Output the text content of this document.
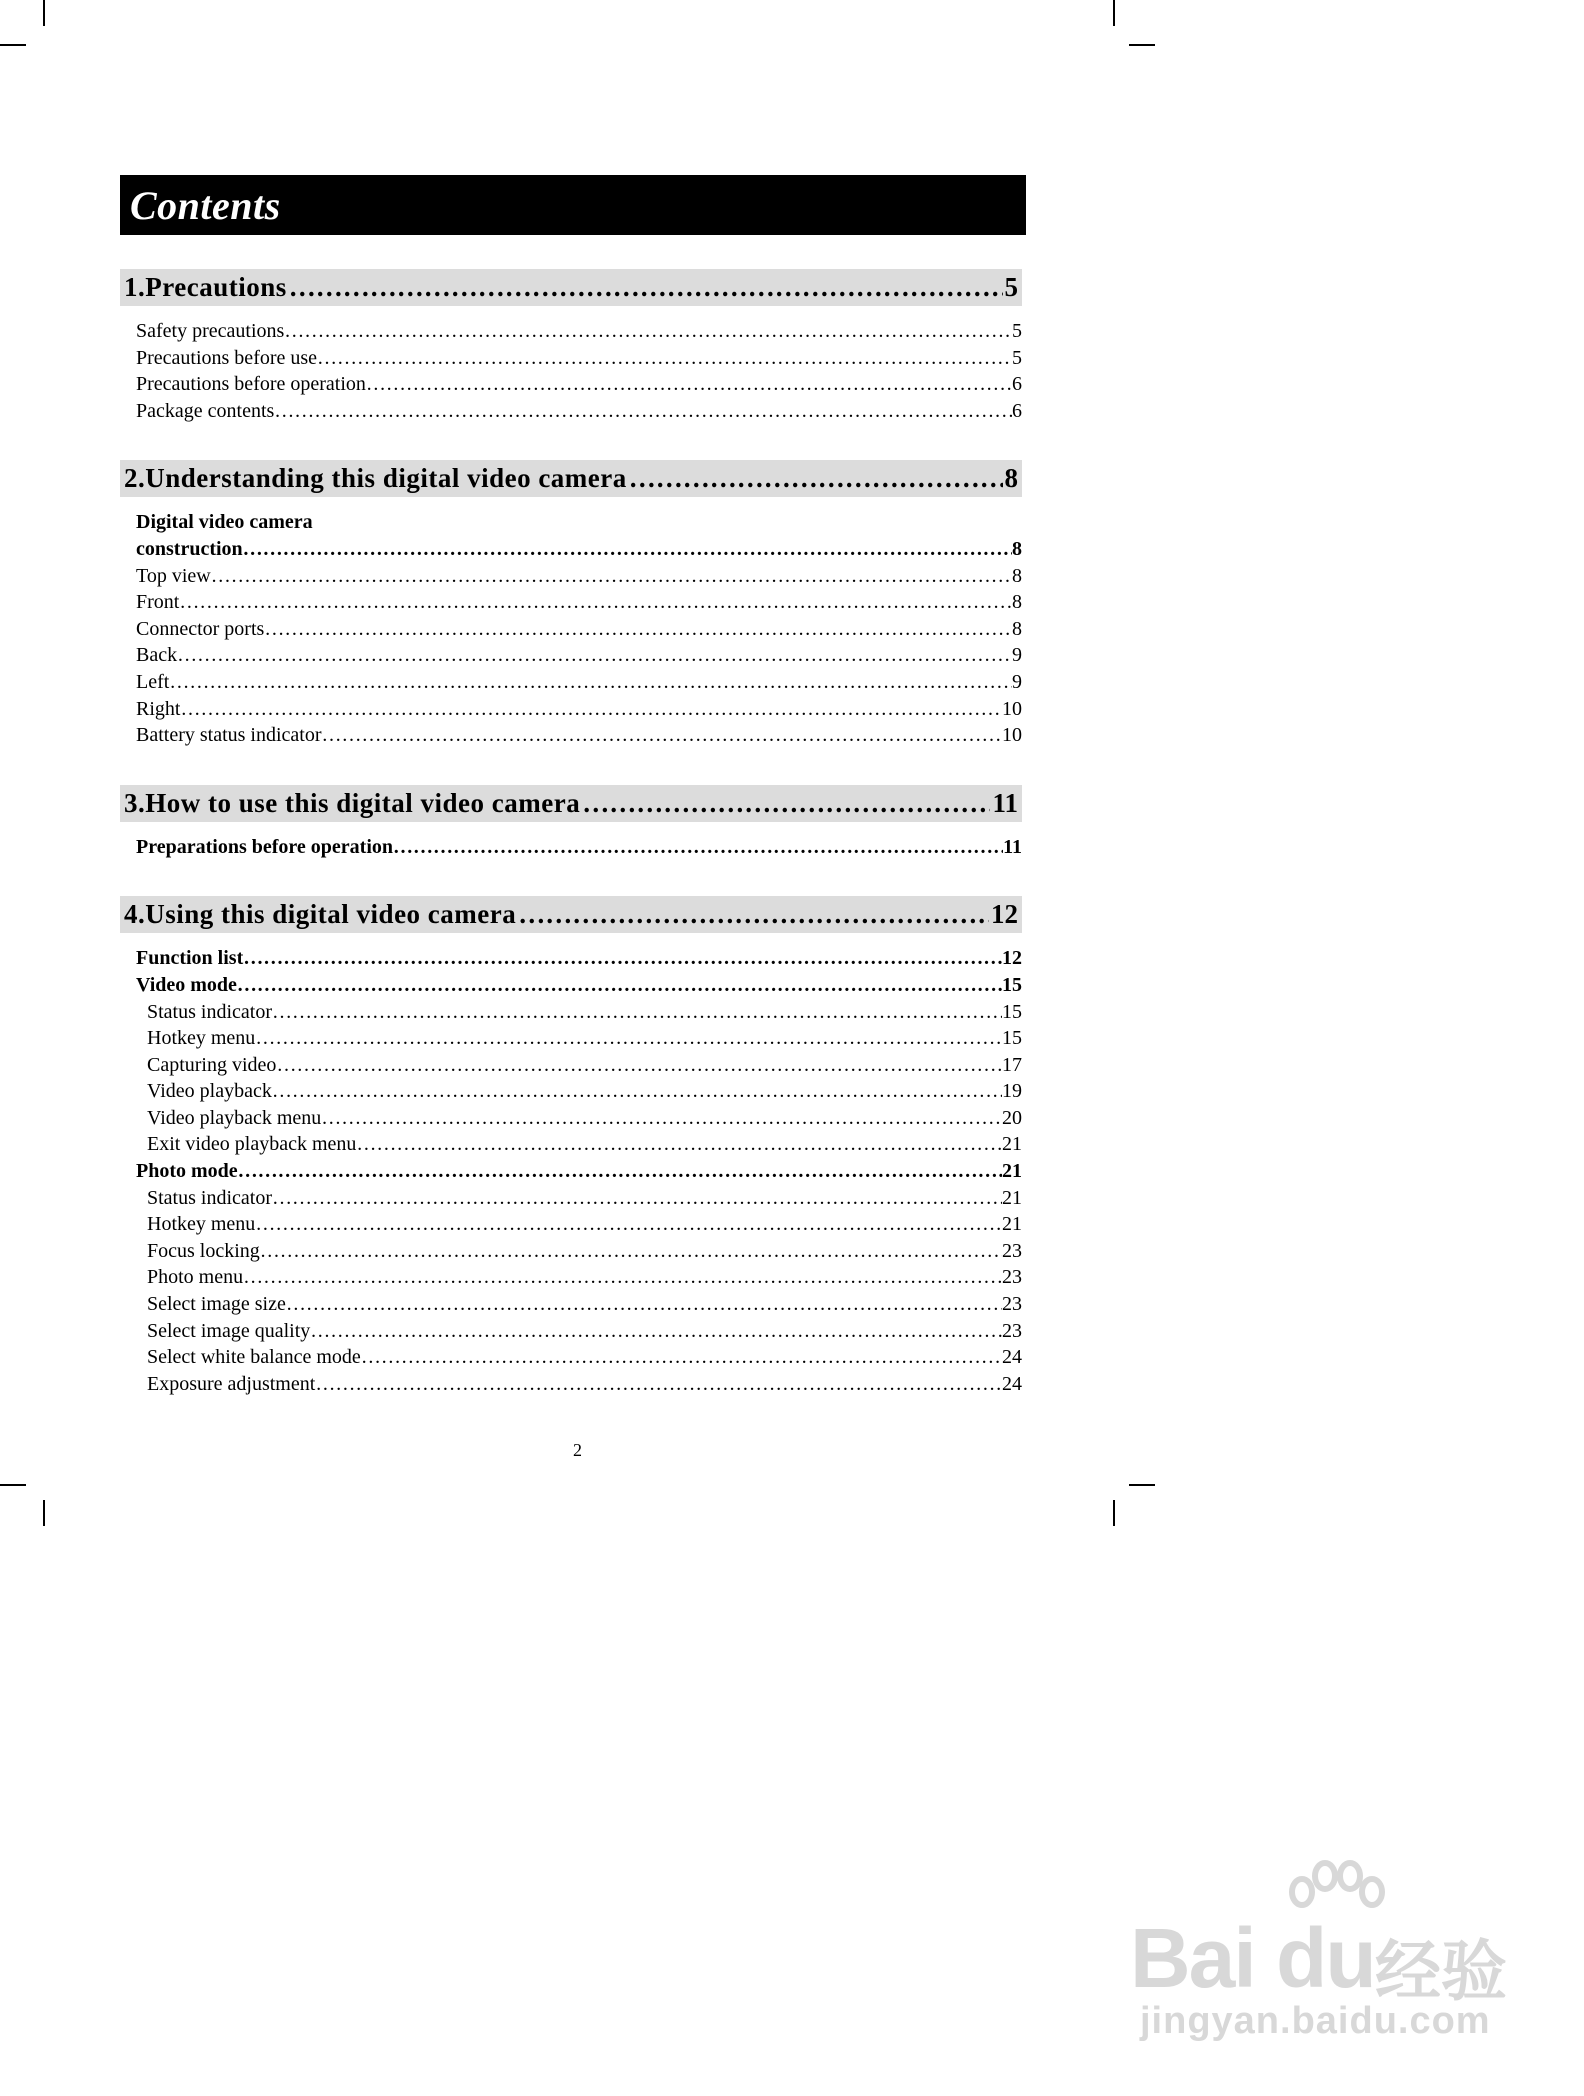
Contents
1.Precautions …………………………………………………………………………………………………………………………	5
Safety precautions ……………………………………………………………………………………………………………………………………………………………………	5
Precautions before use ……………………………………………………………………………………………………………………………………………………………………	5
Precautions before operation ……………………………………………………………………………………………………………………………………………………………………	6
Package contents ……………………………………………………………………………………………………………………………………………………………………	6
2.Understanding this digital video camera …………………………………………………………………………………………………………………………	8
Digital video camera
construction ……………………………………………………………………………………………………………………………………………………………………	8
Top view ……………………………………………………………………………………………………………………………………………………………………	8
Front ……………………………………………………………………………………………………………………………………………………………………	8
Connector ports ……………………………………………………………………………………………………………………………………………………………………	8
Back ……………………………………………………………………………………………………………………………………………………………………	9
Left ……………………………………………………………………………………………………………………………………………………………………	9
Right ……………………………………………………………………………………………………………………………………………………………………	10
Battery status indicator ……………………………………………………………………………………………………………………………………………………………………	10
3.How to use this digital video camera …………………………………………………………………………………………………………………………	11
Preparations before operation ……………………………………………………………………………………………………………………………………………………………………	11
4.Using this digital video camera …………………………………………………………………………………………………………………………	12
Function list ……………………………………………………………………………………………………………………………………………………………………	12
Video mode ……………………………………………………………………………………………………………………………………………………………………	15
Status indicator ……………………………………………………………………………………………………………………………………………………………………	15
Hotkey menu ……………………………………………………………………………………………………………………………………………………………………	15
Capturing video ……………………………………………………………………………………………………………………………………………………………………	17
Video playback ……………………………………………………………………………………………………………………………………………………………………	19
Video playback menu ……………………………………………………………………………………………………………………………………………………………………	20
Exit video playback menu ……………………………………………………………………………………………………………………………………………………………………	21
Photo mode ……………………………………………………………………………………………………………………………………………………………………	21
Status indicator ……………………………………………………………………………………………………………………………………………………………………	21
Hotkey menu ……………………………………………………………………………………………………………………………………………………………………	21
Focus locking ……………………………………………………………………………………………………………………………………………………………………	23
Photo menu ……………………………………………………………………………………………………………………………………………………………………	23
Select image size ……………………………………………………………………………………………………………………………………………………………………	23
Select image quality ……………………………………………………………………………………………………………………………………………………………………	23
Select white balance mode ……………………………………………………………………………………………………………………………………………………………………	24
Exposure adjustment ……………………………………………………………………………………………………………………………………………………………………	24
2
Bai du 经验
jingyan.baidu.com
